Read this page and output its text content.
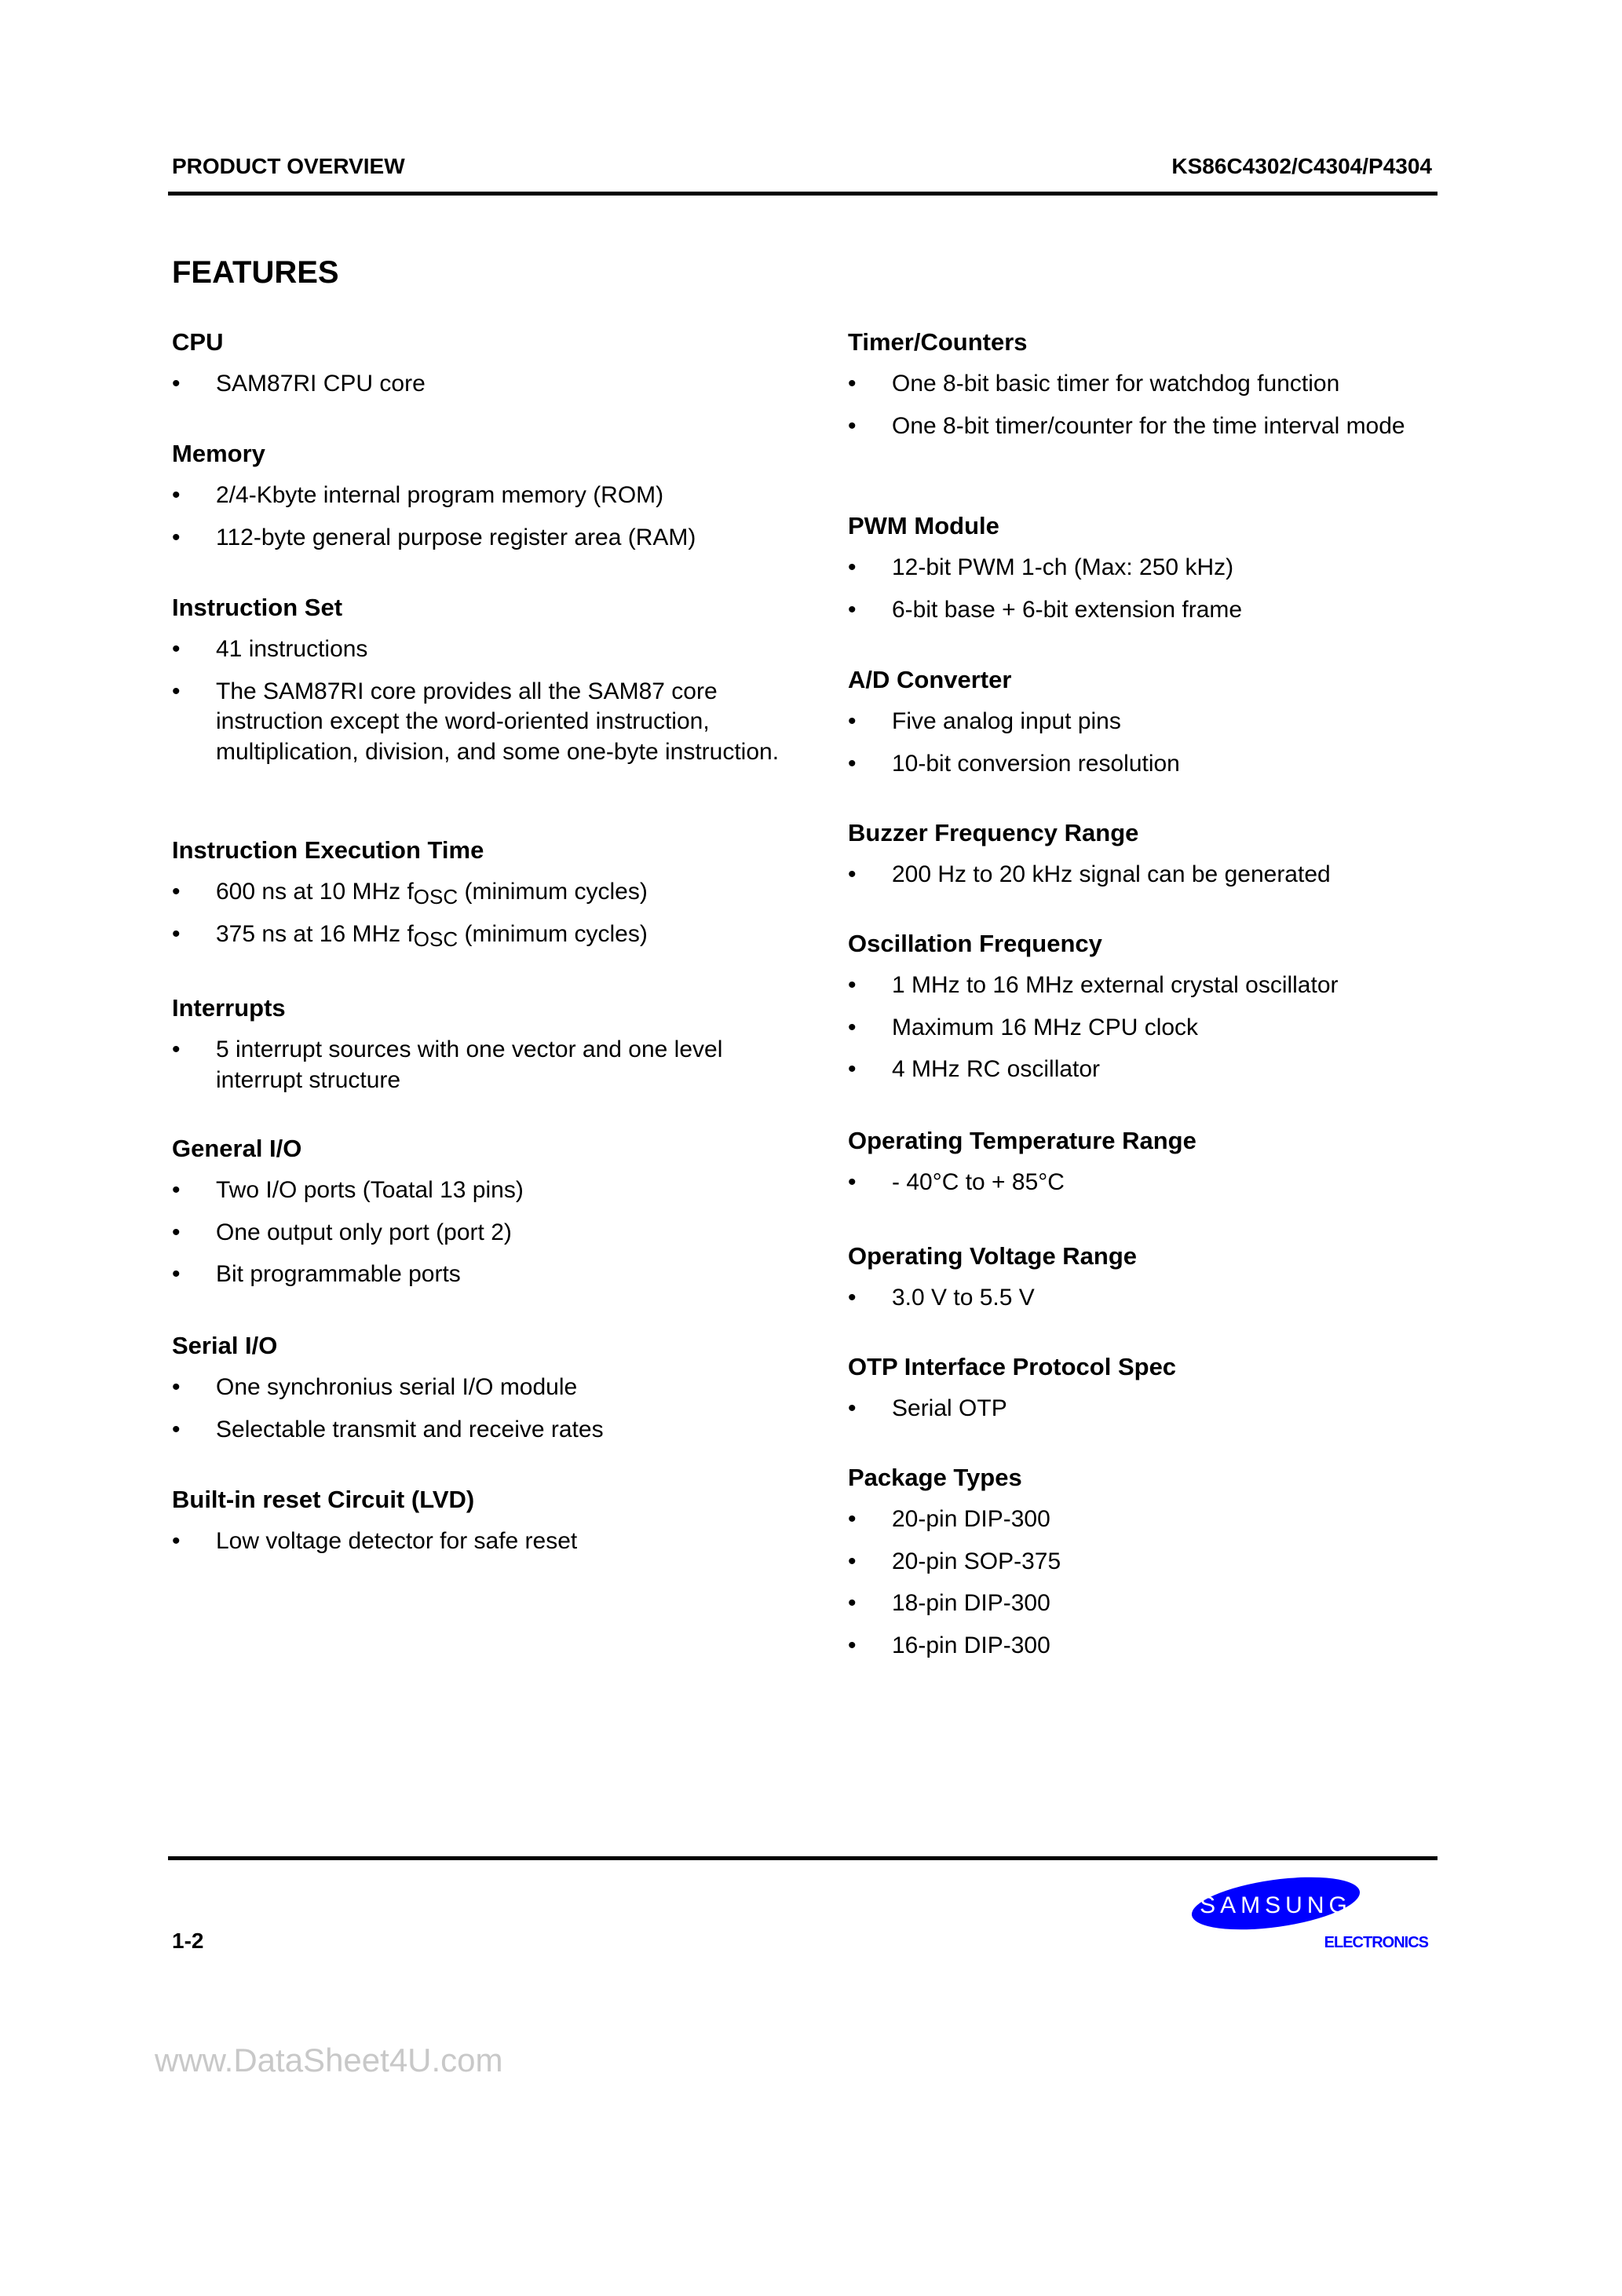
PRODUCT OVERVIEW	KS86C4302/C4304/P4304
FEATURES
CPU
• SAM87RI CPU core
Memory
• 2/4-Kbyte internal program memory (ROM)
• 112-byte general purpose register area (RAM)
Instruction Set
• 41 instructions
• The SAM87RI core provides all the SAM87 core instruction except the word-oriented instruction, multiplication, division, and some one-byte instruction.
Instruction Execution Time
• 600 ns at 10 MHz $f_{OSC}$ (minimum cycles)
• 375 ns at 16 MHz $f_{OSC}$ (minimum cycles)
Interrupts
• 5 interrupt sources with one vector and one level interrupt structure
General I/O
• Two I/O ports (Toatal 13 pins)
• One output only port (port 2)
• Bit programmable ports
Serial I/O
• One synchronius serial I/O module
• Selectable transmit and receive rates
Built-in reset Circuit (LVD)
• Low voltage detector for safe reset
Timer/Counters
• One 8-bit basic timer for watchdog function
• One 8-bit timer/counter for the time interval mode
PWM Module
• 12-bit PWM 1-ch (Max: 250 kHz)
• 6-bit base + 6-bit extension frame
A/D Converter
• Five analog input pins
• 10-bit conversion resolution
Buzzer Frequency Range
• 200 Hz to 20 kHz signal can be generated
Oscillation Frequency
• 1 MHz to 16 MHz external crystal oscillator
• Maximum 16 MHz CPU clock
• 4 MHz RC oscillator
Operating Temperature Range
• - 40°C to + 85°C
Operating Voltage Range
• 3.0 V to 5.5 V
OTP Interface Protocol Spec
• Serial OTP
Package Types
• 20-pin DIP-300
• 20-pin SOP-375
• 18-pin DIP-300
• 16-pin DIP-300
1-2
SAMSUNG
ELECTRONICS
www.DataSheet4U.com
